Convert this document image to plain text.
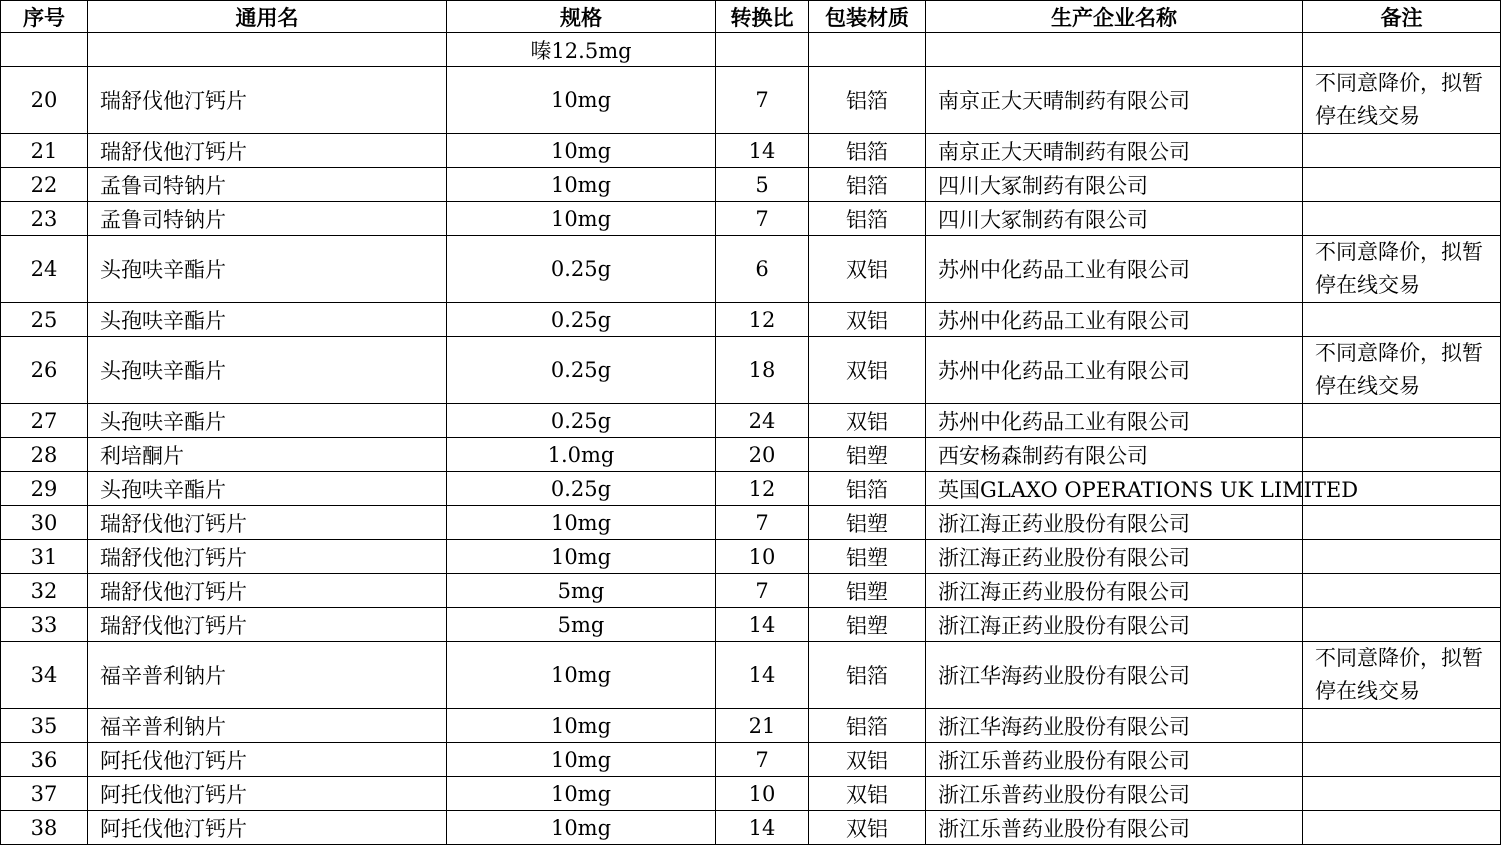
序号	通用名	规格	转换比	包装材质	生产企业名称	备注
		嗪12.5mg				
20	瑞舒伐他汀钙片	10mg	7	铝箔	南京正大天晴制药有限公司	不同意降价，拟暂停在线交易
21	瑞舒伐他汀钙片	10mg	14	铝箔	南京正大天晴制药有限公司	
22	孟鲁司特钠片	10mg	5	铝箔	四川大冢制药有限公司	
23	孟鲁司特钠片	10mg	7	铝箔	四川大冢制药有限公司	
24	头孢呋辛酯片	0.25g	6	双铝	苏州中化药品工业有限公司	不同意降价，拟暂停在线交易
25	头孢呋辛酯片	0.25g	12	双铝	苏州中化药品工业有限公司	
26	头孢呋辛酯片	0.25g	18	双铝	苏州中化药品工业有限公司	不同意降价，拟暂停在线交易
27	头孢呋辛酯片	0.25g	24	双铝	苏州中化药品工业有限公司	
28	利培酮片	1.0mg	20	铝塑	西安杨森制药有限公司	
29	头孢呋辛酯片	0.25g	12	铝箔	英国GLAXO OPERATIONS UK LIMITED	
30	瑞舒伐他汀钙片	10mg	7	铝塑	浙江海正药业股份有限公司	
31	瑞舒伐他汀钙片	10mg	10	铝塑	浙江海正药业股份有限公司	
32	瑞舒伐他汀钙片	5mg	7	铝塑	浙江海正药业股份有限公司	
33	瑞舒伐他汀钙片	5mg	14	铝塑	浙江海正药业股份有限公司	
34	福辛普利钠片	10mg	14	铝箔	浙江华海药业股份有限公司	不同意降价，拟暂停在线交易
35	福辛普利钠片	10mg	21	铝箔	浙江华海药业股份有限公司	
36	阿托伐他汀钙片	10mg	7	双铝	浙江乐普药业股份有限公司	
37	阿托伐他汀钙片	10mg	10	双铝	浙江乐普药业股份有限公司	
38	阿托伐他汀钙片	10mg	14	双铝	浙江乐普药业股份有限公司	
